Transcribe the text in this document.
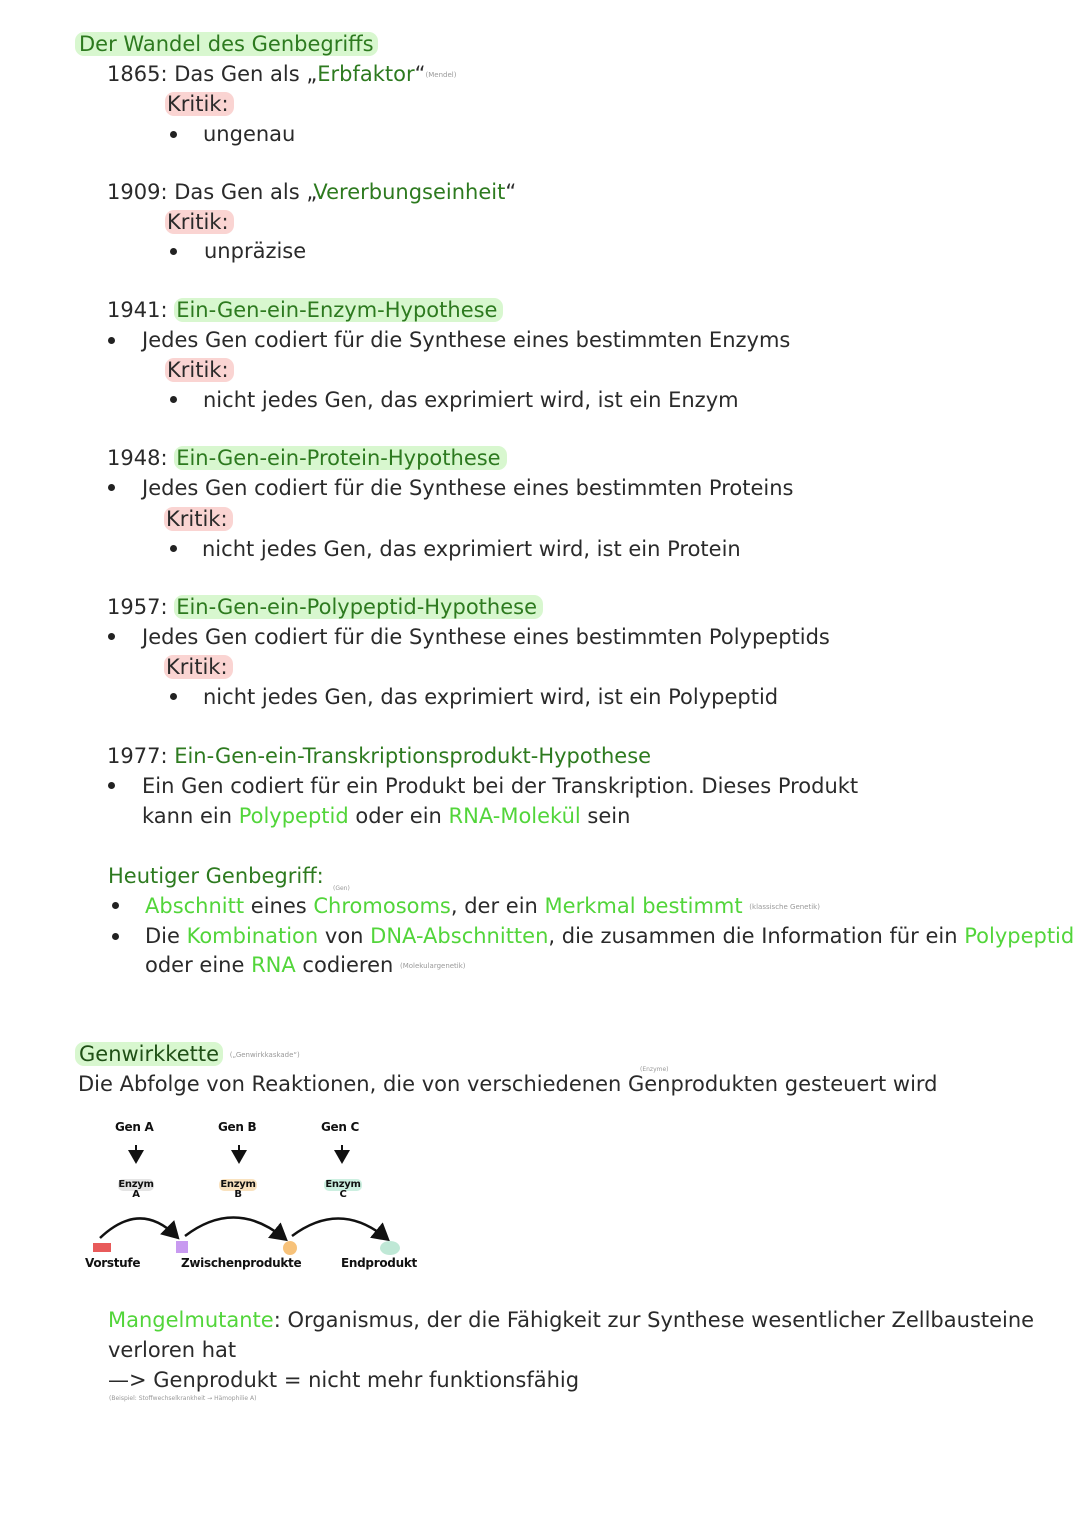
Der Wandel des Genbegriffs
1865: Das Gen als „Erbfaktor“(Mendel)
Kritik:
ungenau
1909: Das Gen als „Vererbungseinheit“
Kritik:
unpräzise
1941: Ein-Gen-ein-Enzym-Hypothese
Jedes Gen codiert für die Synthese eines bestimmten Enzyms
Kritik:
nicht jedes Gen, das exprimiert wird, ist ein Enzym
1948: Ein-Gen-ein-Protein-Hypothese
Jedes Gen codiert für die Synthese eines bestimmten Proteins
Kritik:
nicht jedes Gen, das exprimiert wird, ist ein Protein
1957: Ein-Gen-ein-Polypeptid-Hypothese
Jedes Gen codiert für die Synthese eines bestimmten Polypeptids
Kritik:
nicht jedes Gen, das exprimiert wird, ist ein Polypeptid
1977: Ein-Gen-ein-Transkriptionsprodukt-Hypothese
Ein Gen codiert für ein Produkt bei der Transkription. Dieses Produkt
kann ein Polypeptid oder ein RNA-Molekül sein
Heutiger Genbegriff:
(Gen)
Abschnitt eines Chromosoms, der ein Merkmal bestimmt (klassische Genetik)
Die Kombination von DNA-Abschnitten, die zusammen die Information für ein Polypeptid
oder eine RNA codieren (Molekulargenetik)
Genwirkkette („Genwirkkaskade“)
(Enzyme)
Die Abfolge von Reaktionen, die von verschiedenen Genprodukten gesteuert wird
Gen A	Gen B	Gen C
Enzym
A
Enzym
B
Enzym
C
Vorstufe	Zwischenprodukte	Endprodukt
Mangelmutante: Organismus, der die Fähigkeit zur Synthese wesentlicher Zellbausteine
verloren hat
—> Genprodukt = nicht mehr funktionsfähig
(Beispiel: Stoffwechselkrankheit → Hämophilie A)
